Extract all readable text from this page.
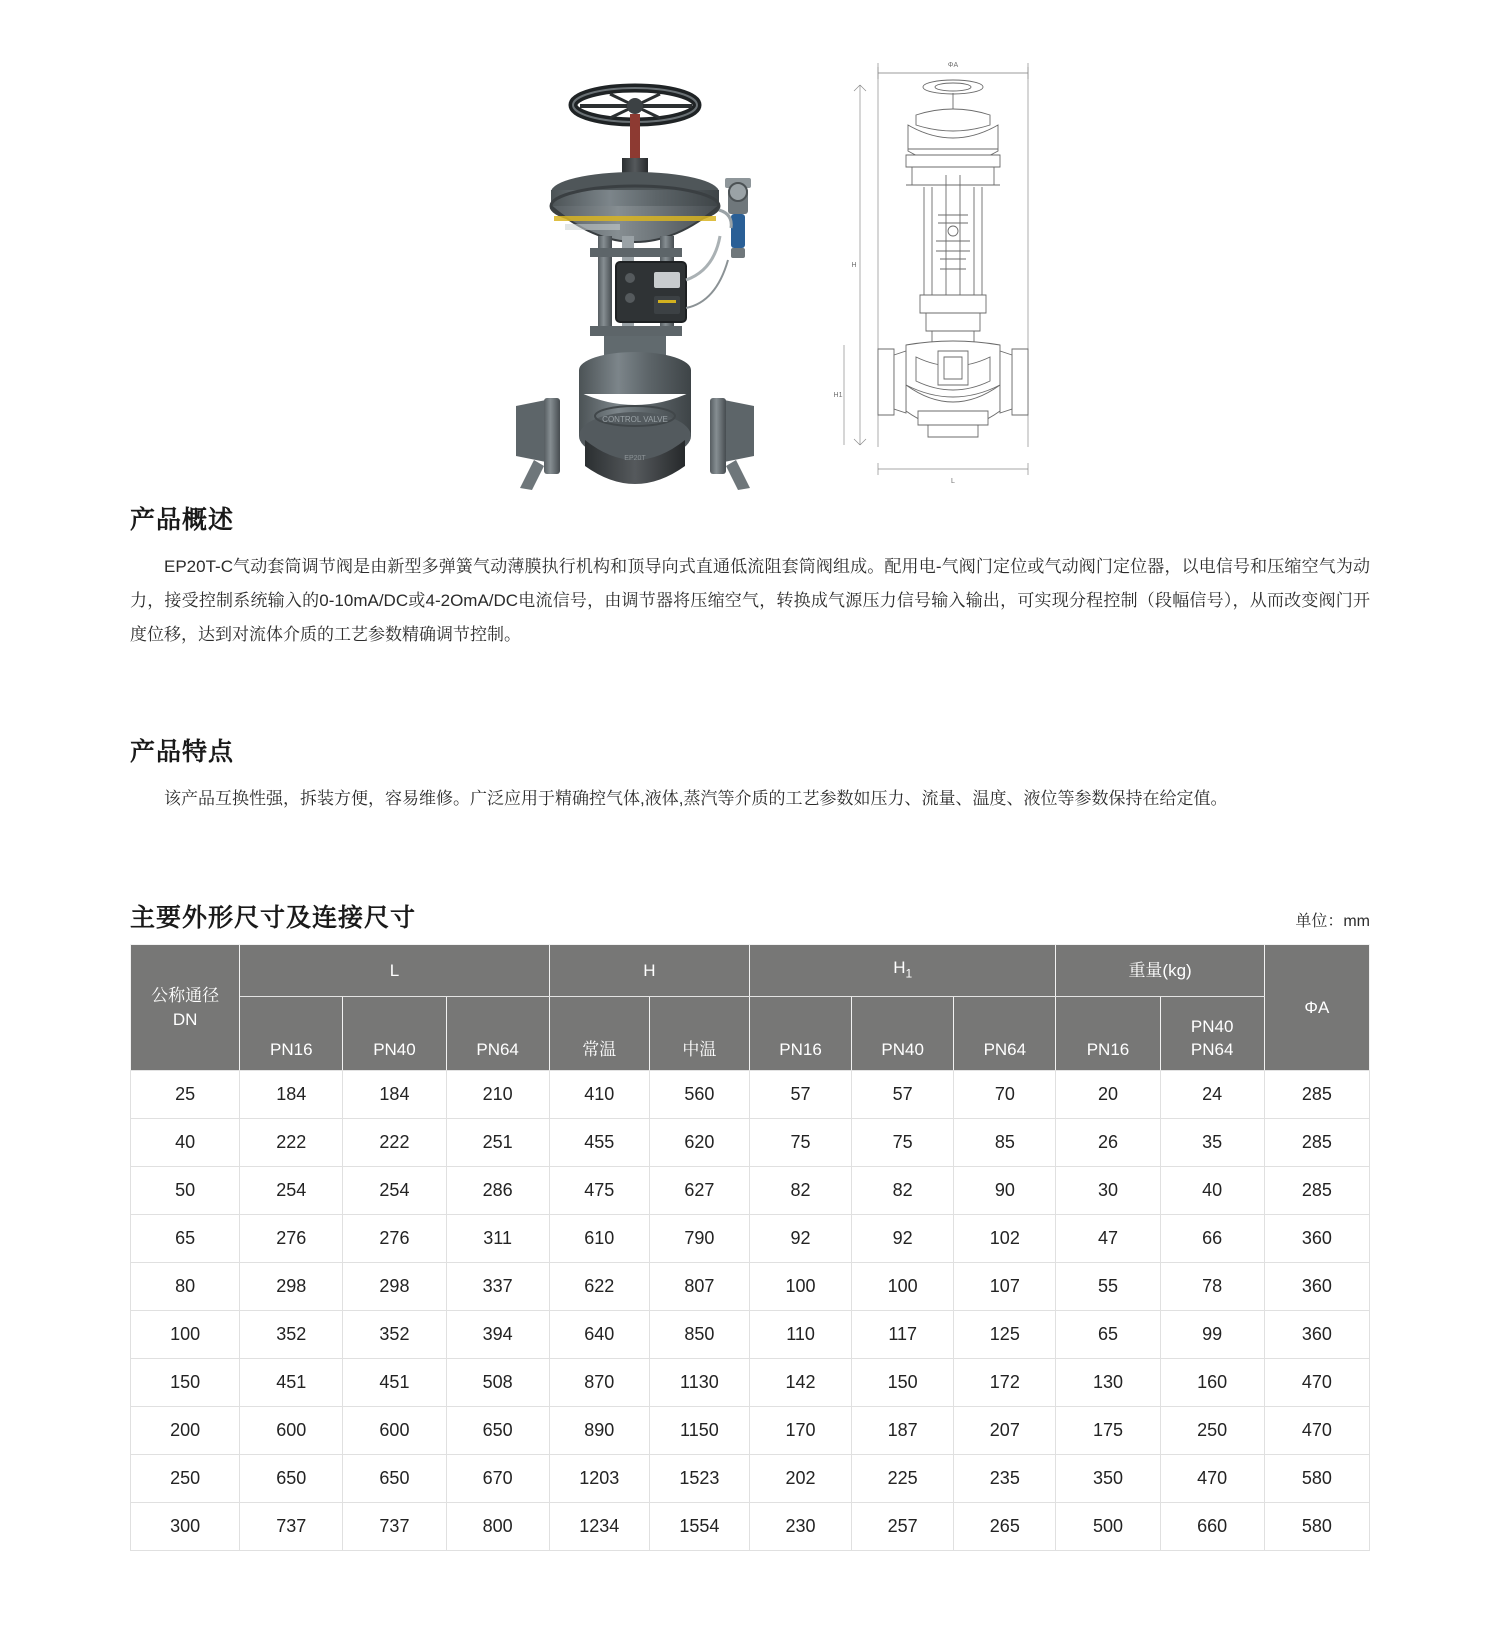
CONTROL VALVE
EP20T
ΦA
H
H1
L
产品概述

EP20T-C气动套筒调节阀是由新型多弹簧气动薄膜执行机构和顶导向式直通低流阻套筒阀组成。配用电-气阀门定位或气动阀门定位器，以电信号和压缩空气为动力，接受控制系统输入的0-10mA/DC或4-2OmA/DC电流信号，由调节器将压缩空气，转换成气源压力信号输入输出，可实现分程控制（段幅信号），从而改变阀门开度位移，达到对流体介质的工艺参数精确调节控制。

产品特点

该产品互换性强，拆装方便，容易维修。广泛应用于精确控气体,液体,蒸汽等介质的工艺参数如压力、流量、温度、液位等参数保持在给定值。

主要外形尺寸及连接尺寸	单位：mm
公称通径
DN	L			H		$H_1$			重量(kg)		ΦA
	PN16	PN40	PN64	常温	中温	PN16	PN40	PN64	PN16	PN40
PN64	

25	184	184	210	410	560	57	57	70	20	24	285
40	222	222	251	455	620	75	75	85	26	35	285
50	254	254	286	475	627	82	82	90	30	40	285
65	276	276	311	610	790	92	92	102	47	66	360
80	298	298	337	622	807	100	100	107	55	78	360
100	352	352	394	640	850	110	117	125	65	99	360
150	451	451	508	870	1130	142	150	172	130	160	470
200	600	600	650	890	1150	170	187	207	175	250	470
250	650	650	670	1203	1523	202	225	235	350	470	580
300	737	737	800	1234	1554	230	257	265	500	660	580
